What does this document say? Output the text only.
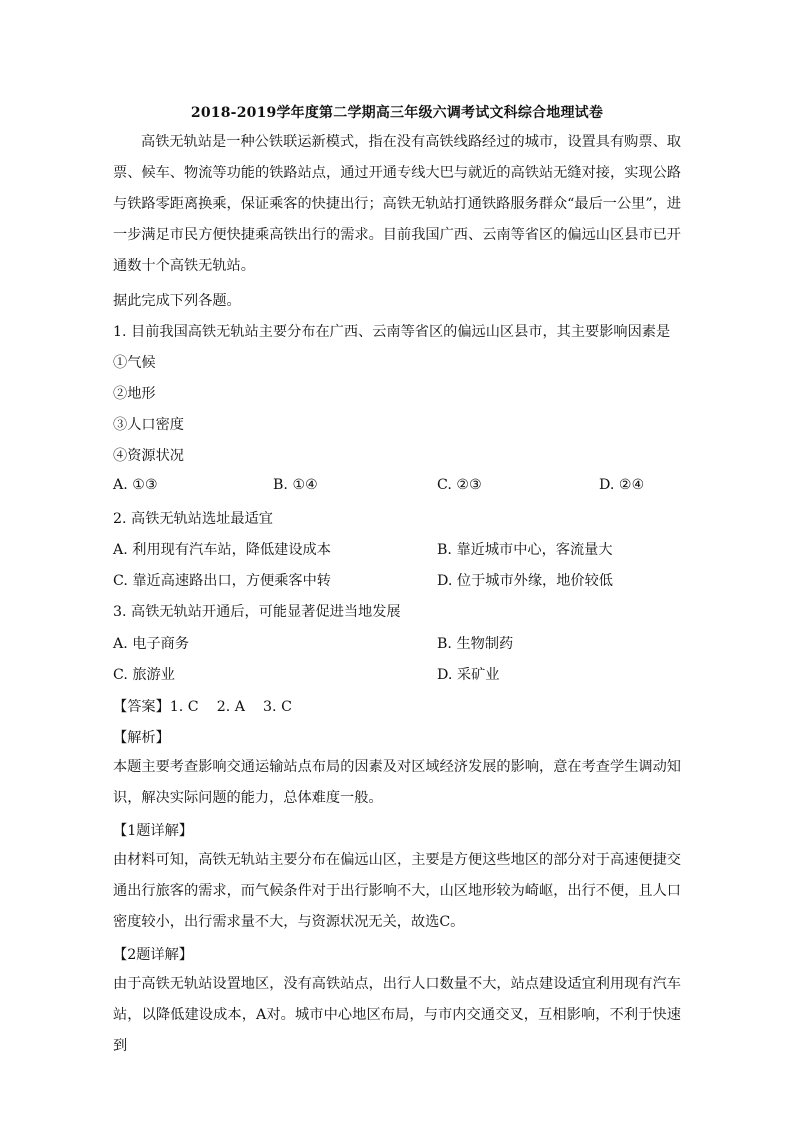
2018-2019学年度第二学期高三年级六调考试文科综合地理试卷

高铁无轨站是一种公铁联运新模式，指在没有高铁线路经过的城市，设置具有购票、取票、候车、物流等功能的铁路站点，通过开通专线大巴与就近的高铁站无缝对接，实现公路与铁路零距离换乘，保证乘客的快捷出行；高铁无轨站打通铁路服务群众“最后一公里”，进一步满足市民方便快捷乘高铁出行的需求。目前我国广西、云南等省区的偏远山区县市已开通数十个高铁无轨站。

据此完成下列各题。
1. 目前我国高铁无轨站主要分布在广西、云南等省区的偏远山区县市，其主要影响因素是
①气候
②地形
③人口密度
④资源状况
A. ①③	B. ①④	C. ②③	D. ②④
2. 高铁无轨站选址最适宜
A. 利用现有汽车站，降低建设成本	B. 靠近城市中心，客流量大
C. 靠近高速路出口，方便乘客中转	D. 位于城市外缘，地价较低
3. 高铁无轨站开通后，可能显著促进当地发展
A. 电子商务	B. 生物制药
C. 旅游业	D. 采矿业
【答案】1. C    2. A    3. C
【解析】

本题主要考查影响交通运输站点布局的因素及对区域经济发展的影响，意在考查学生调动知识，解决实际问题的能力，总体难度一般。

【1题详解】

由材料可知，高铁无轨站主要分布在偏远山区，主要是方便这些地区的部分对于高速便捷交通出行旅客的需求，而气候条件对于出行影响不大，山区地形较为崎岖，出行不便，且人口密度较小，出行需求量不大，与资源状况无关，故选C。

【2题详解】

由于高铁无轨站设置地区，没有高铁站点，出行人口数量不大，站点建设适宜利用现有汽车站，以降低建设成本，A对。城市中心地区布局，与市内交通交叉，互相影响，不利于快速到
